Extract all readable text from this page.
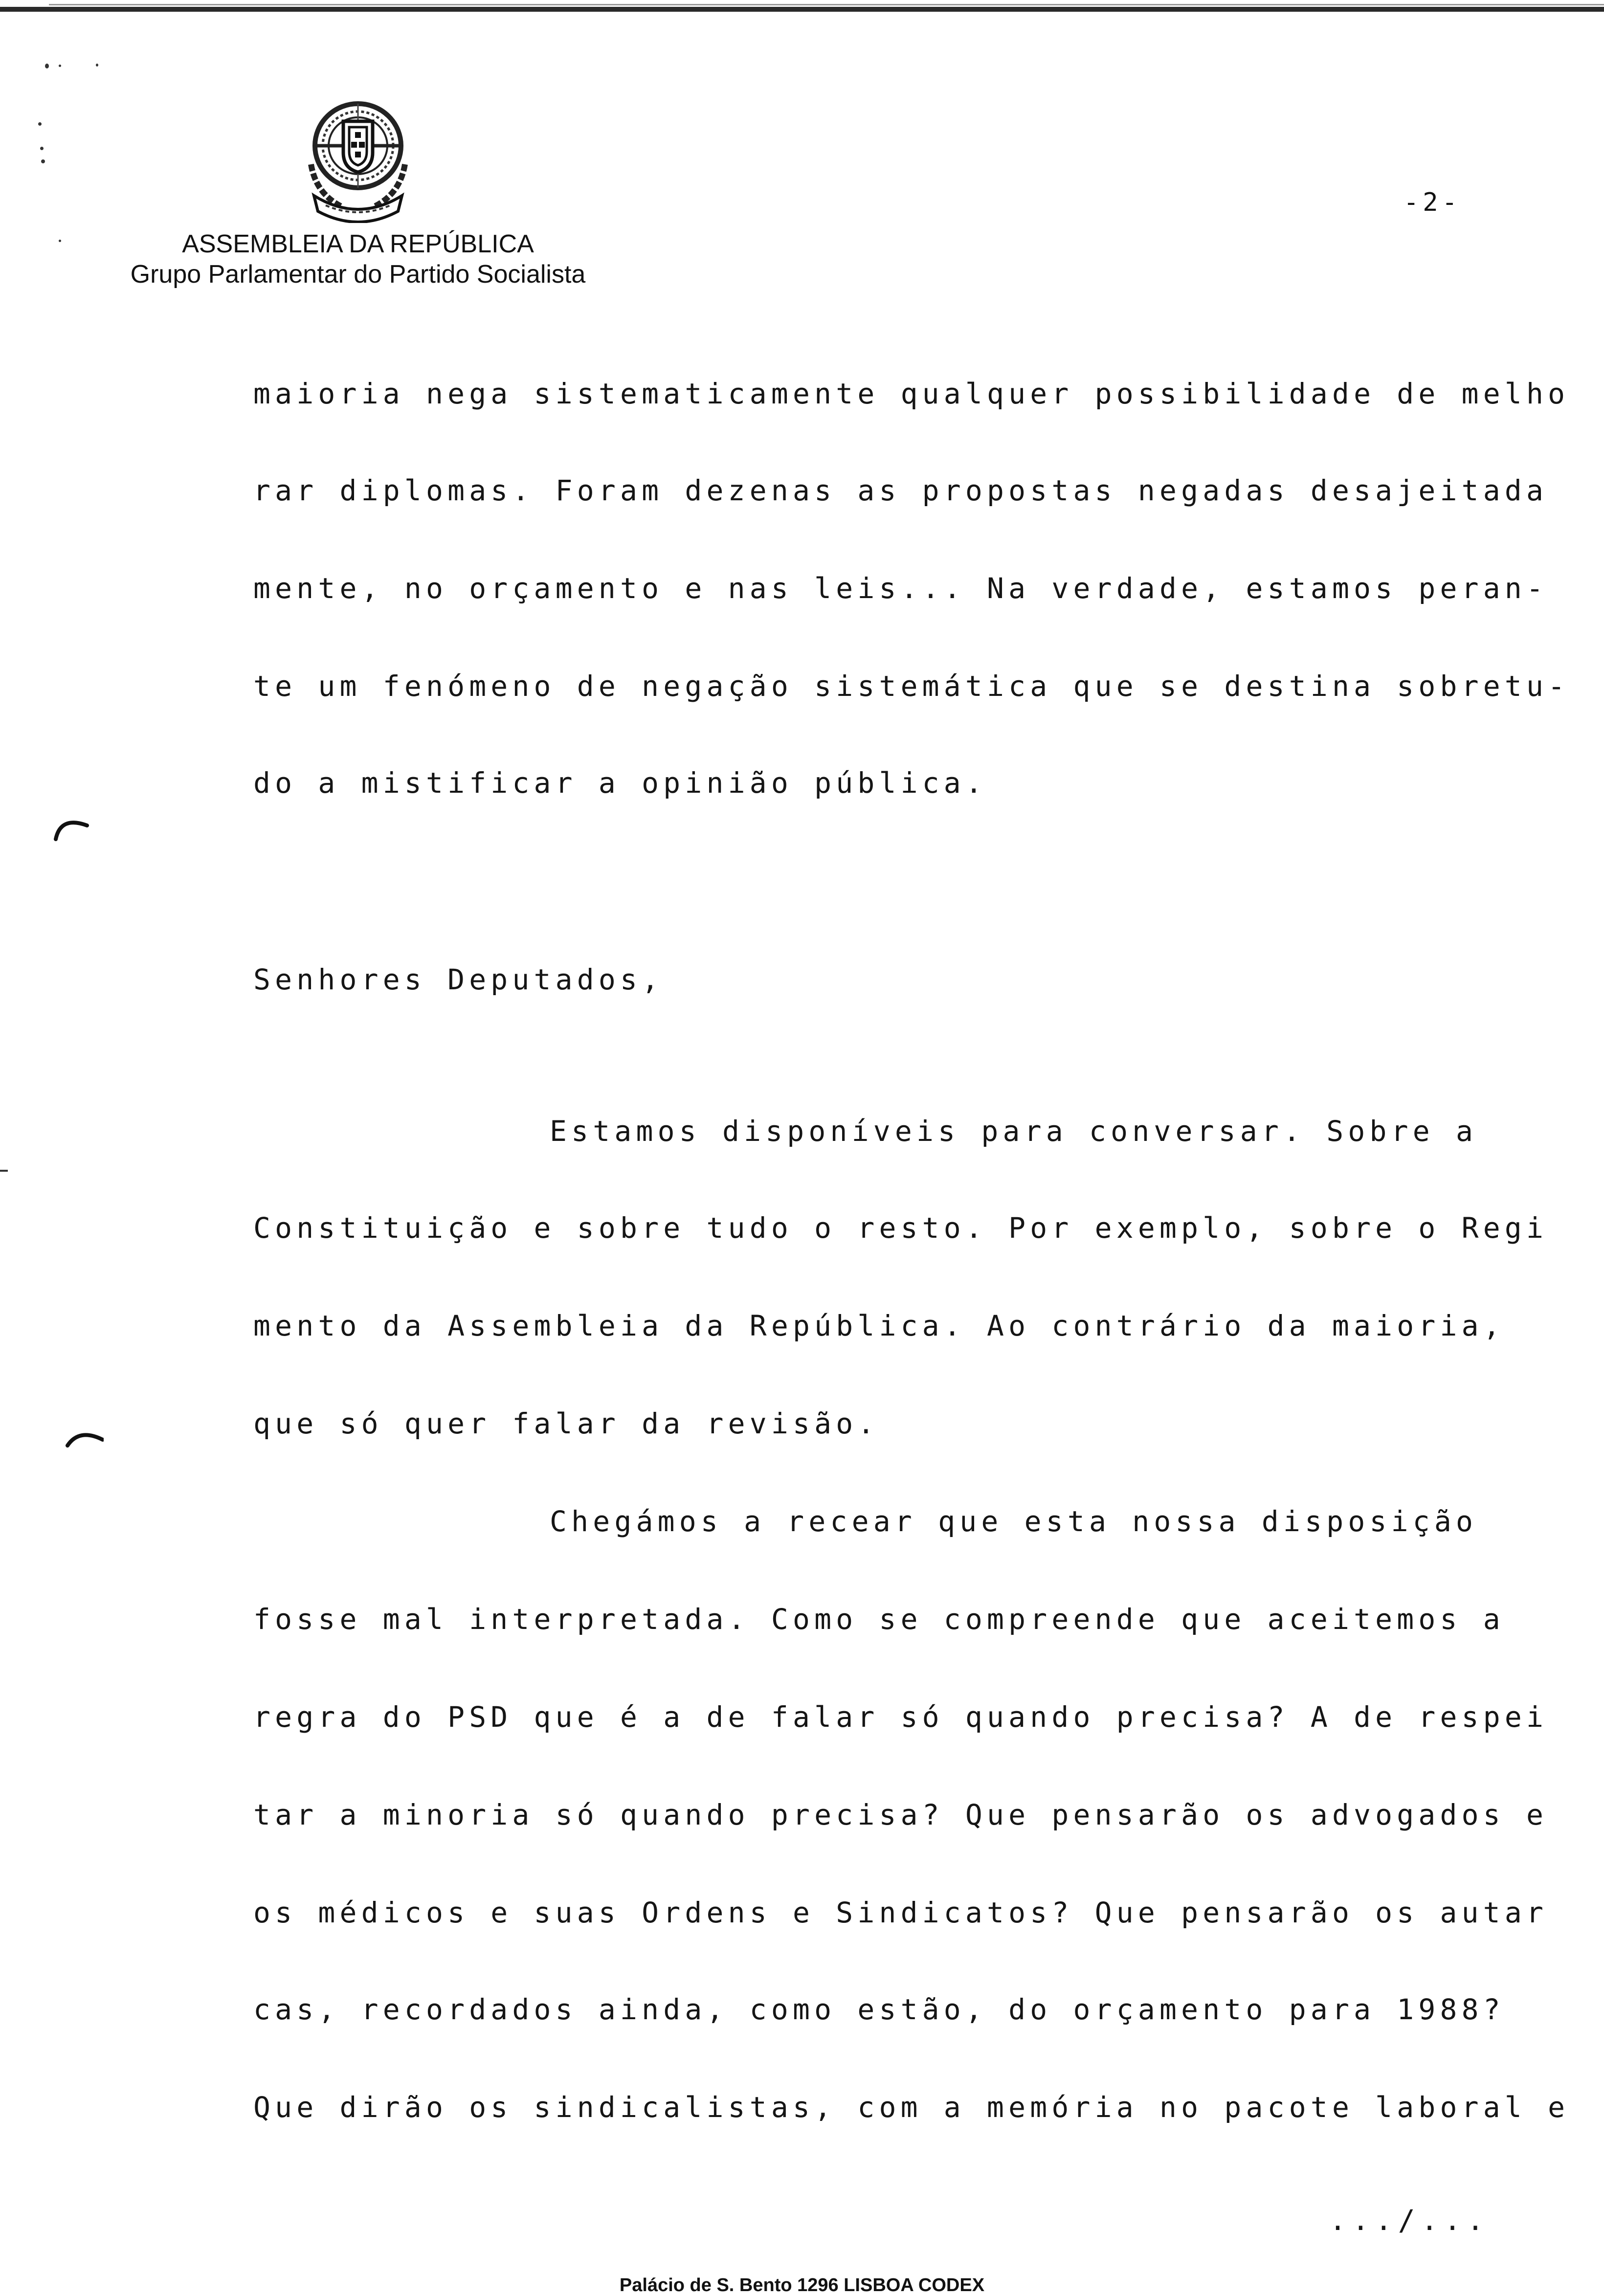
ASSEMBLEIA DA REPÚBLICA
Grupo Parlamentar do Partido Socialista
-2-
maioria nega sistematicamente qualquer possibilidade de melho
rar diplomas. Foram dezenas as propostas negadas desajeitada
mente, no orçamento e nas leis... Na verdade, estamos peran-
te um fenómeno de negação sistemática que se destina sobretu-
do a mistificar a opinião pública.
Senhores Deputados,
Estamos disponíveis para conversar. Sobre a
Constituição e sobre tudo o resto. Por exemplo, sobre o Regi
mento da Assembleia da República. Ao contrário da maioria,
que só quer falar da revisão.
Chegámos a recear que esta nossa disposição
fosse mal interpretada. Como se compreende que aceitemos a
regra do PSD que é a de falar só quando precisa? A de respei
tar a minoria só quando precisa? Que pensarão os advogados e
os médicos e suas Ordens e Sindicatos? Que pensarão os autar
cas, recordados ainda, como estão, do orçamento para 1988?
Que dirão os sindicalistas, com a memória no pacote laboral e
.../...
Palácio de S. Bento 1296 LISBOA CODEX
